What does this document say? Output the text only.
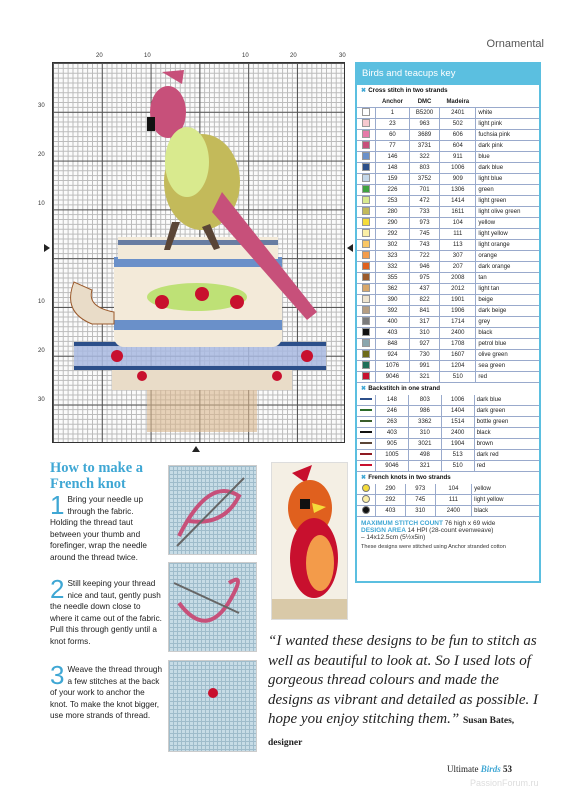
Ornamental
20	10	10	20	30
30
20
10
10
20
30
Birds and teacups key
✖ Cross stitch in two strands
	Anchor	DMC	Madeira	
	1	B5200	2401	white
	23	963	502	light pink
	60	3689	606	fuchsia pink
	77	3731	604	dark pink
	146	322	911	blue
	148	803	1006	dark blue
	159	3752	909	light blue
	226	701	1306	green
	253	472	1414	light green
	280	733	1611	light olive green
	290	973	104	yellow
	292	745	111	light yellow
	302	743	113	light orange
	323	722	307	orange
	332	946	207	dark orange
	355	975	2008	tan
	362	437	2012	light tan
	390	822	1901	beige
	392	841	1906	dark beige
	400	317	1714	grey
	403	310	2400	black
	848	927	1708	petrol blue
	924	730	1607	olive green
	1076	991	1204	sea green
	9046	321	510	red
✖ Backstitch in one strand
	148	803	1006	dark blue
	246	986	1404	dark green
	263	3362	1514	bottle green
	403	310	2400	black
	905	3021	1904	brown
	1005	498	513	dark red
	9046	321	510	red
✖ French knots in two strands
	290	973	104	yellow
	292	745	111	light yellow
	403	310	2400	black
MAXIMUM STITCH COUNT 76 high x 69 wide
DESIGN AREA 14 HPI (28-count evenweave)
– 14x12.5cm (5½x5in)
These designs were stitched using Anchor stranded cotton
How to make a French knot
1 Bring your needle up through the fabric. Holding the thread taut between your thumb and forefinger, wrap the needle around the thread twice.
2 Still keeping your thread nice and taut, gently push the needle down close to where it came out of the fabric. Pull this through gently until a knot forms.
3 Weave the thread through a few stitches at the back of your work to anchor the knot. To make the knot bigger, use more strands of thread.
“I wanted these designs to be fun to stitch as well as beautiful to look at. So I used lots of gorgeous thread colours and made the designs as vibrant and detailed as possible. I hope you enjoy stitching them.” Susan Bates, designer
Ultimate Birds 53
PassionForum.ru
